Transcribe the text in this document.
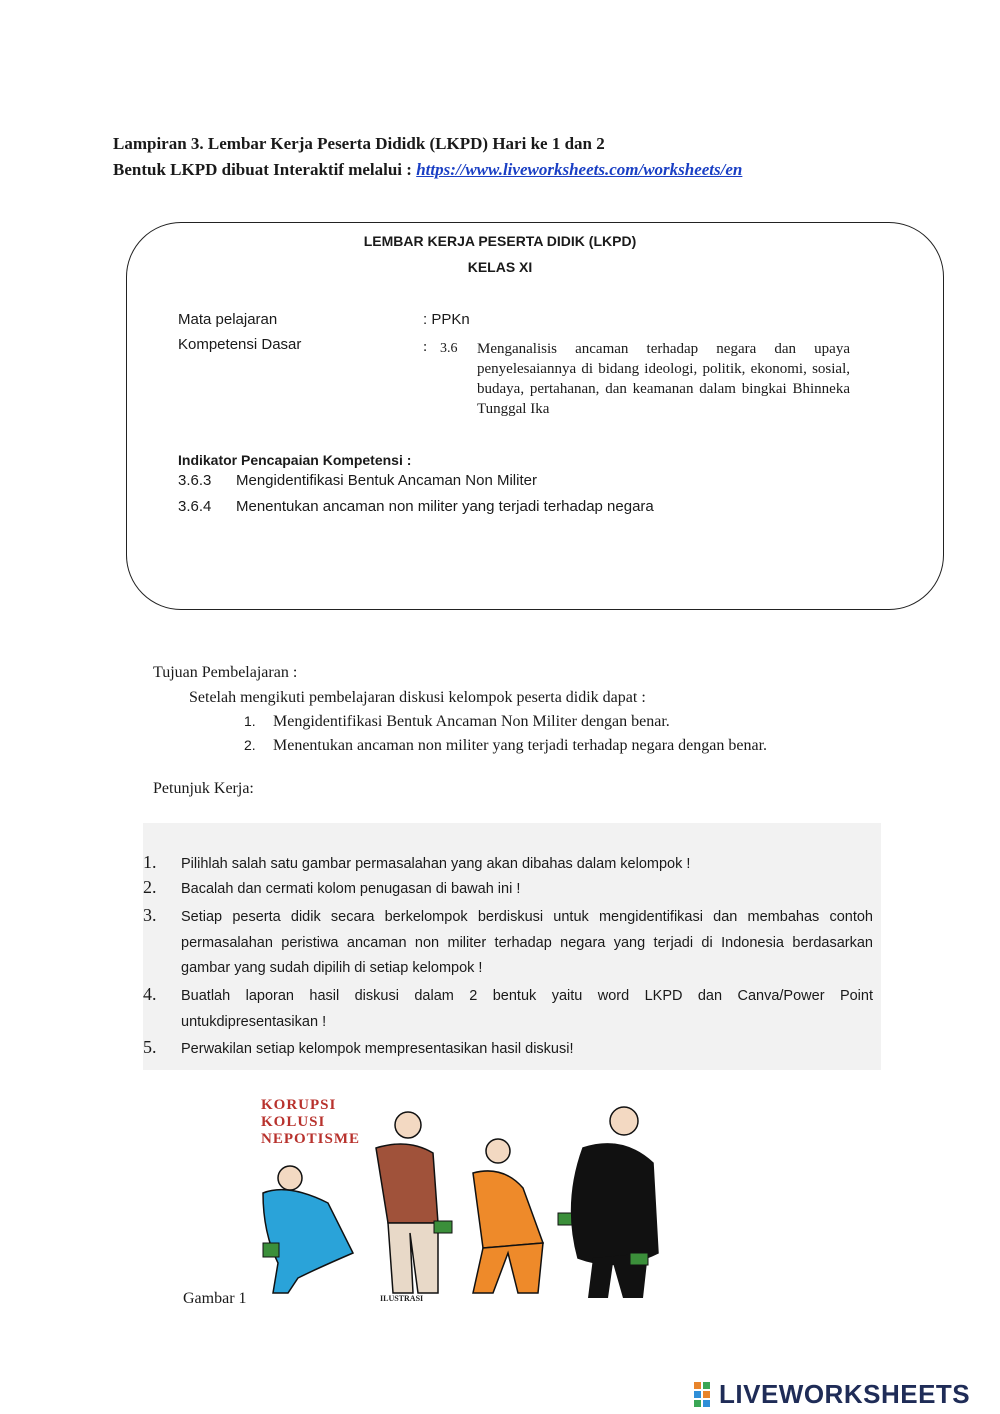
Lampiran 3. Lembar Kerja Peserta Dididk (LKPD) Hari ke 1 dan 2
Bentuk LKPD dibuat Interaktif melalui : https://www.liveworksheets.com/worksheets/en
LEMBAR KERJA PESERTA DIDIK (LKPD)
KELAS XI
Mata pelajaran	: PPKn
Kompetensi Dasar	: 3.6 Menganalisis ancaman terhadap negara dan upaya penyelesaiannya di bidang ideologi, politik, ekonomi, sosial, budaya, pertahanan, dan keamanan dalam bingkai Bhinneka Tunggal Ika
Indikator Pencapaian Kompetensi :
3.6.3 Mengidentifikasi Bentuk Ancaman Non Militer
3.6.4 Menentukan ancaman non militer yang terjadi terhadap negara
Tujuan Pembelajaran :
Setelah mengikuti pembelajaran diskusi kelompok peserta didik dapat :
1. Mengidentifikasi Bentuk Ancaman Non Militer dengan benar.
2. Menentukan ancaman non militer yang terjadi terhadap negara dengan benar.
Petunjuk Kerja:
1.	Pilihlah salah satu gambar permasalahan yang akan dibahas dalam kelompok !
2.	Bacalah dan cermati kolom penugasan di bawah ini !
3.	Setiap peserta didik secara berkelompok berdiskusi untuk mengidentifikasi dan membahas contoh permasalahan peristiwa ancaman non militer terhadap negara yang terjadi di Indonesia berdasarkan gambar yang sudah dipilih di setiap kelompok !
4.	Buatlah laporan hasil diskusi dalam 2 bentuk yaitu word LKPD dan Canva/Power Point untukdipresentasikan !
5.	Perwakilan setiap kelompok mempresentasikan hasil diskusi!
KORUPSI
KOLUSI
NEPOTISME
ILUSTRASI
Gambar 1
LIVEWORKSHEETS
